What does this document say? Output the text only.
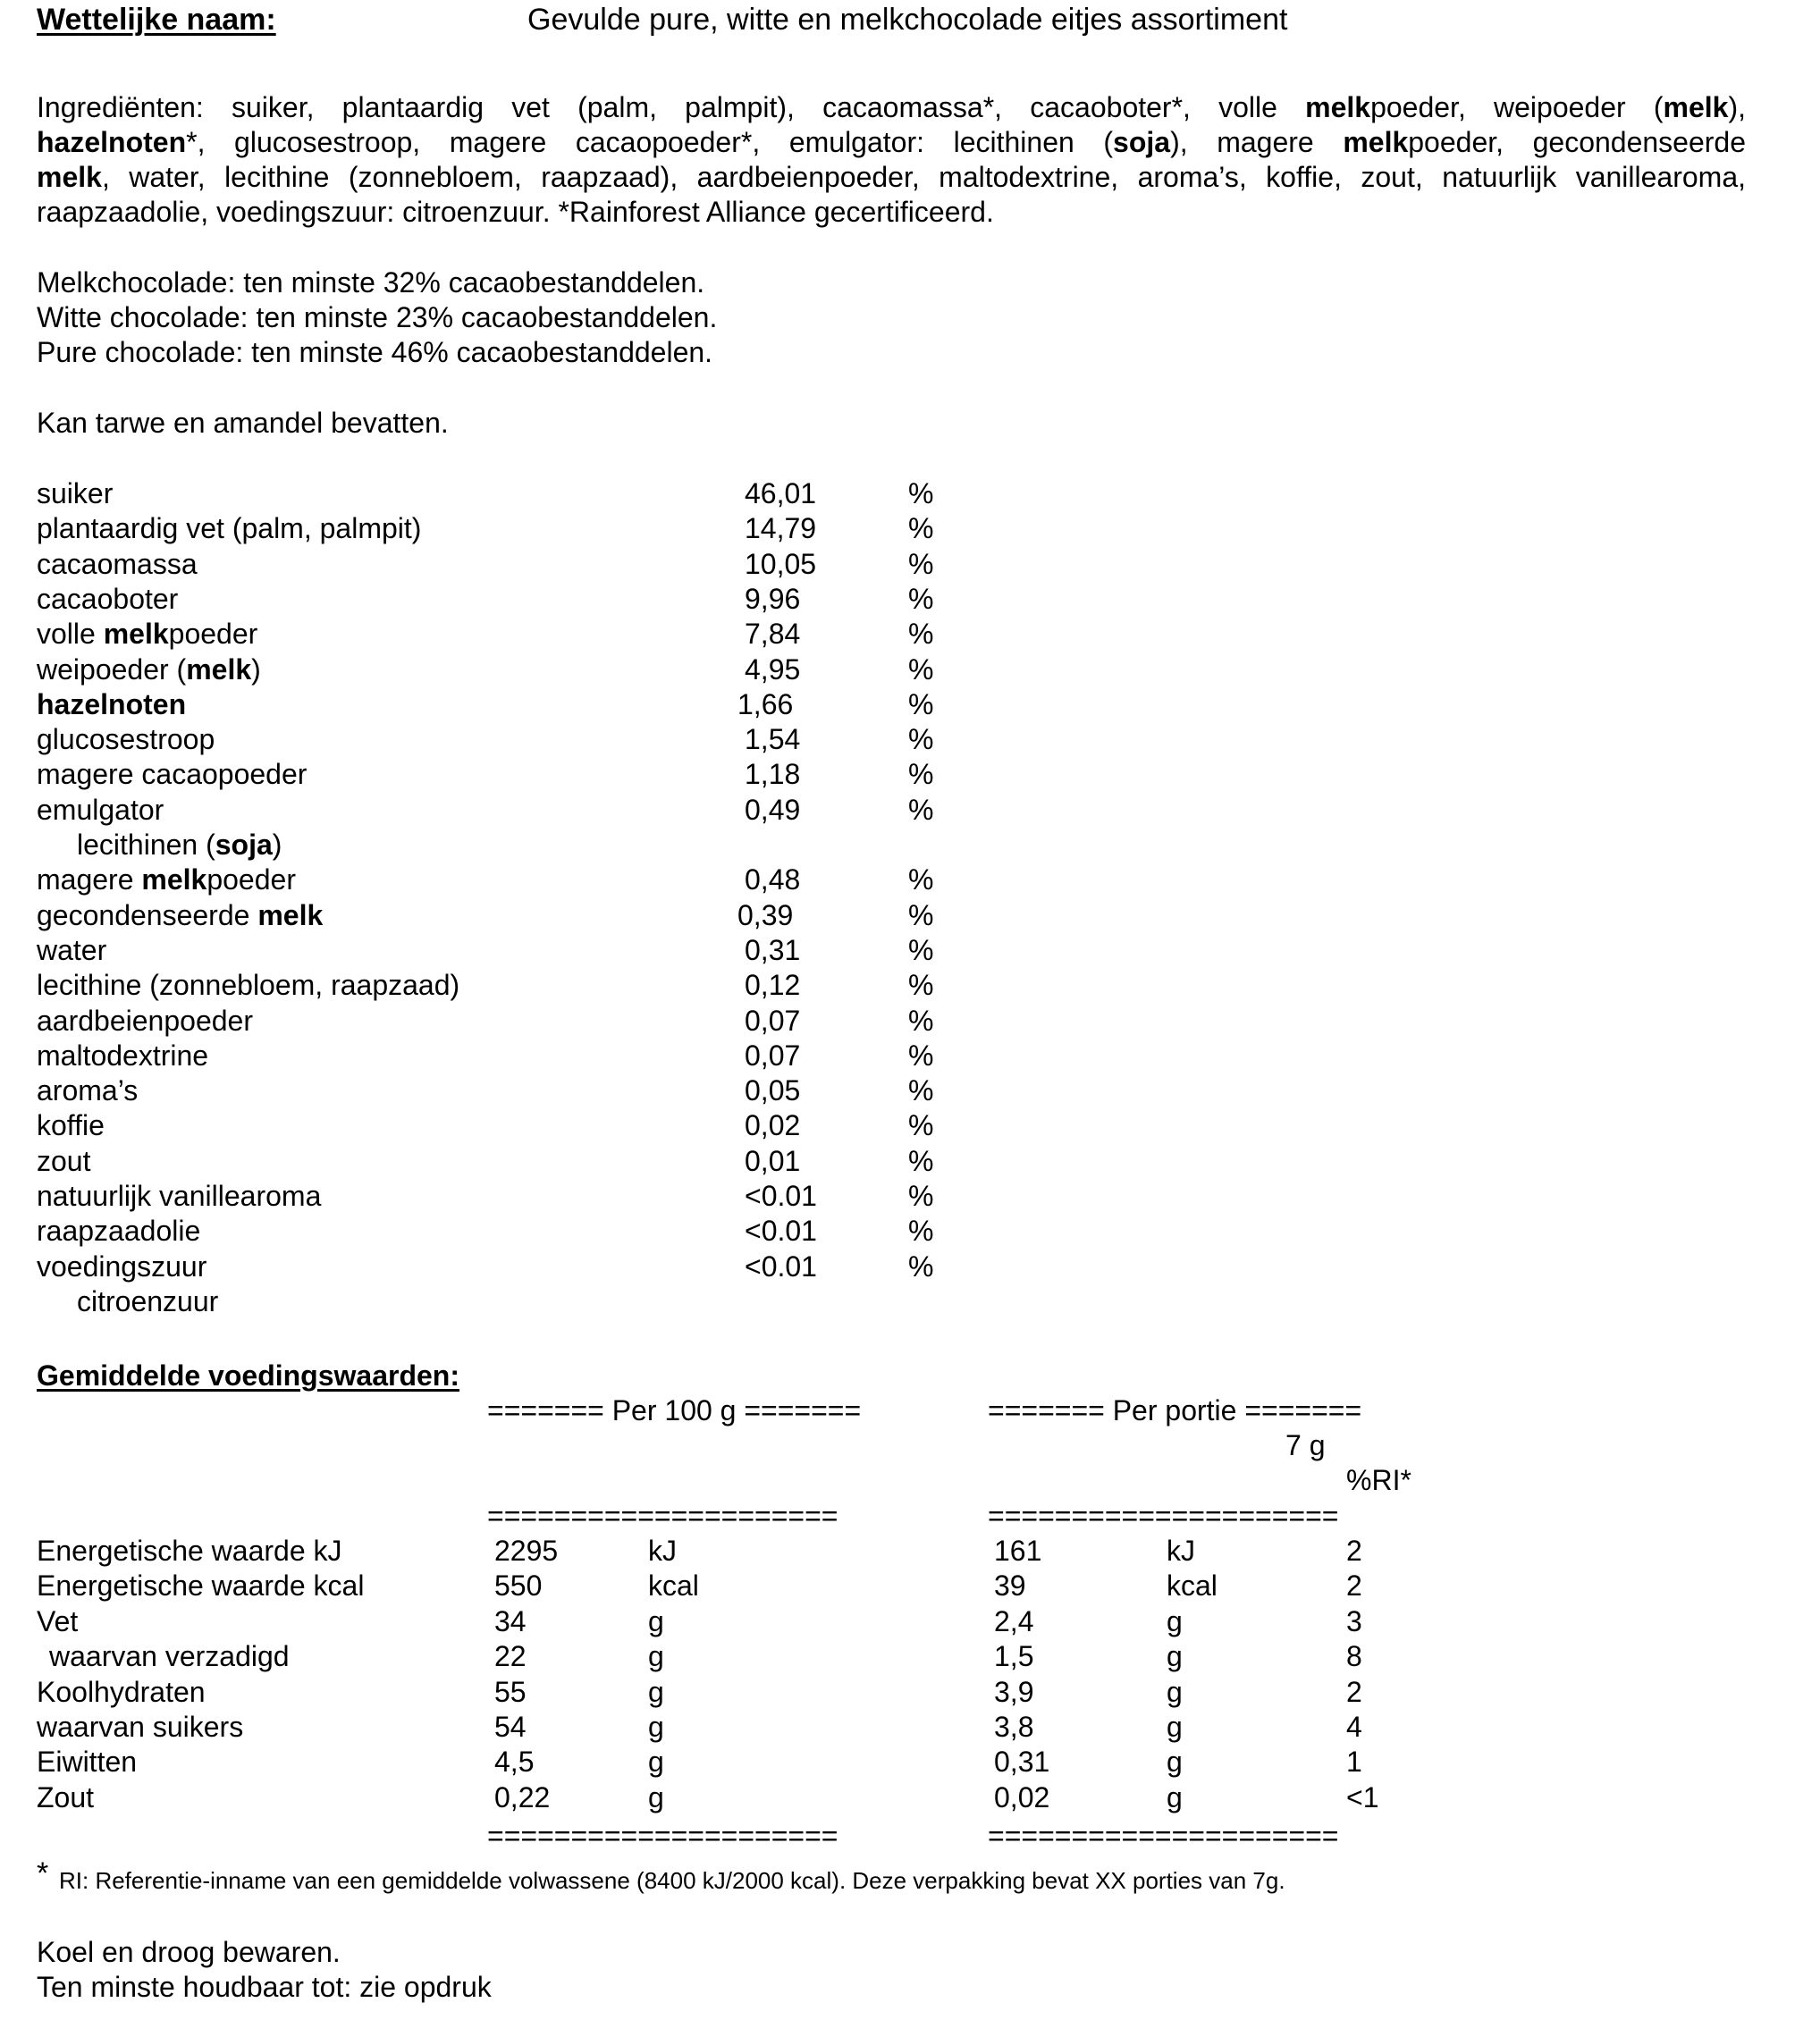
Wettelijke naam:	Gevulde pure, witte en melkchocolade eitjes assortiment
Ingrediënten: suiker, plantaardig vet (palm, palmpit), cacaomassa*, cacaoboter*, volle melkpoeder, weipoeder (melk),
hazelnoten*, glucosestroop, magere cacaopoeder*, emulgator: lecithinen (soja), magere melkpoeder, gecondenseerde
melk, water, lecithine (zonnebloem, raapzaad), aardbeienpoeder, maltodextrine, aroma’s, koffie, zout, natuurlijk vanillearoma,
raapzaadolie, voedingszuur: citroenzuur. *Rainforest Alliance gecertificeerd.
Melkchocolade: ten minste 32% cacaobestanddelen.
Witte chocolade: ten minste 23% cacaobestanddelen.
Pure chocolade: ten minste 46% cacaobestanddelen.
Kan tarwe en amandel bevatten.
suiker	46,01	%
plantaardig vet (palm, palmpit)	14,79	%
cacaomassa	10,05	%
cacaoboter	9,96	%
volle melkpoeder	7,84	%
weipoeder (melk)	4,95	%
hazelnoten	1,66	%
glucosestroop	1,54	%
magere cacaopoeder	1,18	%
emulgator	0,49	%
lecithinen (soja)
magere melkpoeder	0,48	%
gecondenseerde melk	0,39	%
water	0,31	%
lecithine (zonnebloem, raapzaad)	0,12	%
aardbeienpoeder	0,07	%
maltodextrine	0,07	%
aroma’s	0,05	%
koffie	0,02	%
zout	0,01	%
natuurlijk vanillearoma	<0.01	%
raapzaadolie	<0.01	%
voedingszuur	<0.01	%
citroenzuur
Gemiddelde voedingswaarden:
======= Per 100 g =======	======= Per portie =======
7 g
%RI*
=====================	=====================
Energetische waarde kJ	2295	kJ	161	kJ	2
Energetische waarde kcal	550	kcal	39	kcal	2
Vet	34	g	2,4	g	3
waarvan verzadigd	22	g	1,5	g	8
Koolhydraten	55	g	3,9	g	2
waarvan suikers	54	g	3,8	g	4
Eiwitten	4,5	g	0,31	g	1
Zout	0,22	g	0,02	g	<1
=====================	=====================
* RI: Referentie-inname van een gemiddelde volwassene (8400 kJ/2000 kcal). Deze verpakking bevat XX porties van 7g.
Koel en droog bewaren.
Ten minste houdbaar tot: zie opdruk
